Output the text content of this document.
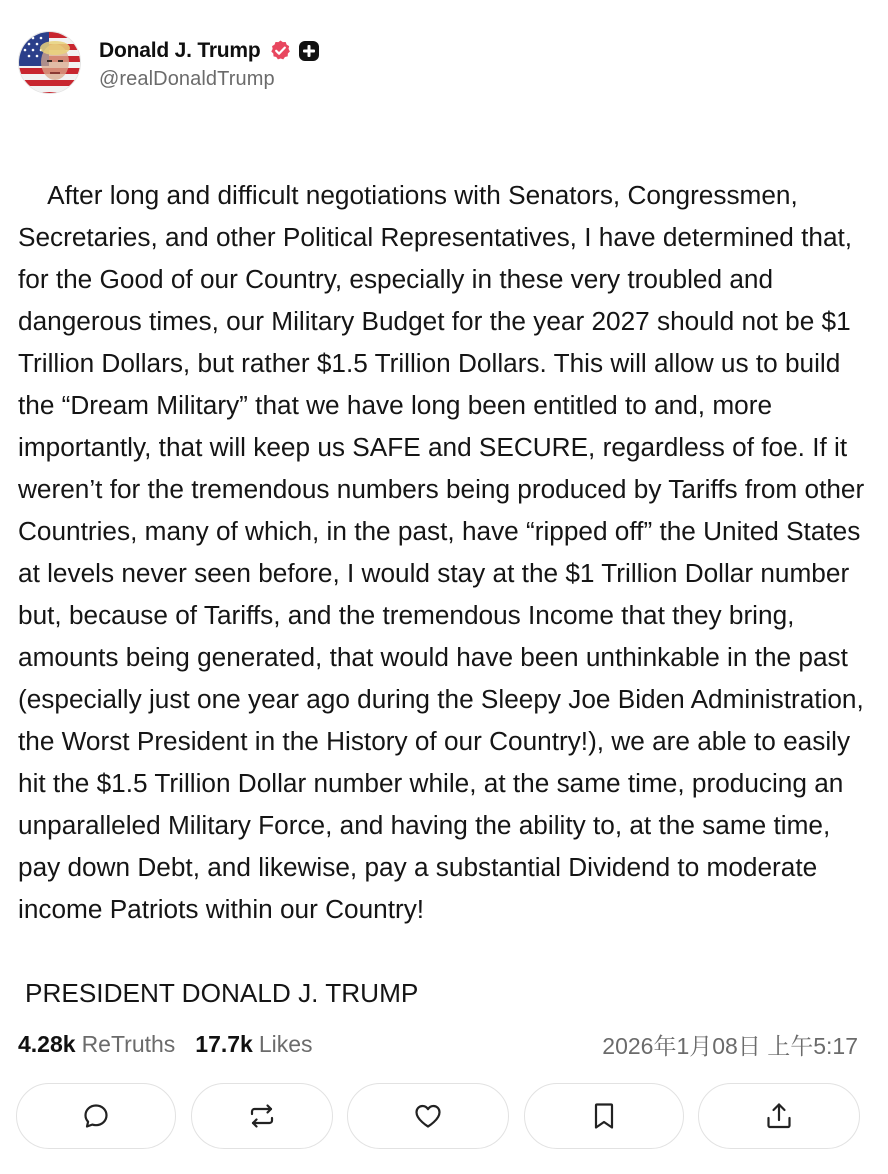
Donald J. Trump
@realDonaldTrump

After long and difficult negotiations with Senators, Congressmen, Secretaries, and other Political Representatives, I have determined that, for the Good of our Country, especially in these very troubled and dangerous times, our Military Budget for the year 2027 should not be $1 Trillion Dollars, but rather $1.5 Trillion Dollars. This will allow us to build the “Dream Military” that we have long been entitled to and, more importantly, that will keep us SAFE and SECURE, regardless of foe. If it weren’t for the tremendous numbers being produced by Tariffs from other Countries, many of which, in the past, have “ripped off” the United States at levels never seen before, I would stay at the $1 Trillion Dollar number but, because of Tariffs, and the tremendous Income that they bring, amounts being generated, that would have been unthinkable in the past (especially just one year ago during the Sleepy Joe Biden Administration, the Worst President in the History of our Country!), we are able to easily hit the $1.5 Trillion Dollar number while, at the same time, producing an unparalleled Military Force, and having the ability to, at the same time, pay down Debt, and likewise, pay a substantial Dividend to moderate income Patriots within our Country!

PRESIDENT DONALD J. TRUMP

4.28k ReTruths 17.7k Likes	2026年1月08日 上午5:17
